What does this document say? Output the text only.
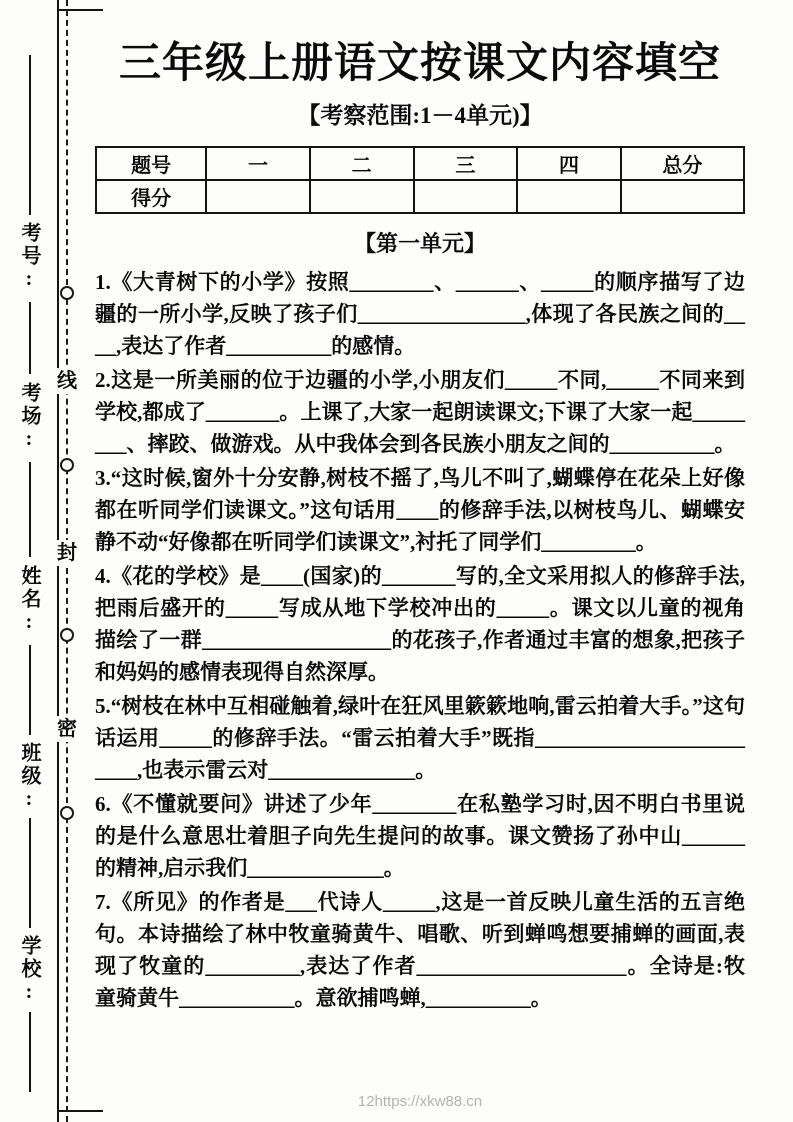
线
封
密
考号:
考场:
姓名:
班级:
学校:
三年级上册语文按课文内容填空
【考察范围:1－4单元)】
题号	一	二	三	四	总分
得分					
【第一单元】

1.《大青树下的小学》按照________、______、_____的顺序描写了边疆的一所小学,反映了孩子们________________,体现了各民族之间的____,表达了作者__________的感情。

2.这是一所美丽的位于边疆的小学,小朋友们_____不同,_____不同来到学校,都成了_______。上课了,大家一起朗读课文;下课了大家一起________、摔跤、做游戏。从中我体会到各民族小朋友之间的__________。

3.“这时候,窗外十分安静,树枝不摇了,鸟儿不叫了,蝴蝶停在花朵上好像都在听同学们读课文。”这句话用____的修辞手法,以树枝鸟儿、蝴蝶安静不动“好像都在听同学们读课文”,衬托了同学们_________。

4.《花的学校》是____(国家)的_______写的,全文采用拟人的修辞手法,把雨后盛开的_____写成从地下学校冲出的_____。课文以儿童的视角描绘了一群__________________的花孩子,作者通过丰富的想象,把孩子和妈妈的感情表现得自然深厚。

5.“树枝在林中互相碰触着,绿叶在狂风里簌簌地响,雷云拍着大手。”这句话运用_____的修辞手法。“雷云拍着大手”既指________________________,也表示雷云对______________。

6.《不懂就要问》讲述了少年________在私塾学习时,因不明白书里说的是什么意思壮着胆子向先生提问的故事。课文赞扬了孙中山______的精神,启示我们_____________。

7.《所见》的作者是___代诗人_____,这是一首反映儿童生活的五言绝句。本诗描绘了林中牧童骑黄牛、唱歌、听到蝉鸣想要捕蝉的画面,表现了牧童的_________,表达了作者____________________。全诗是:牧童骑黄牛___________。意欲捕鸣蝉,__________。

12https://xkw88.cn
